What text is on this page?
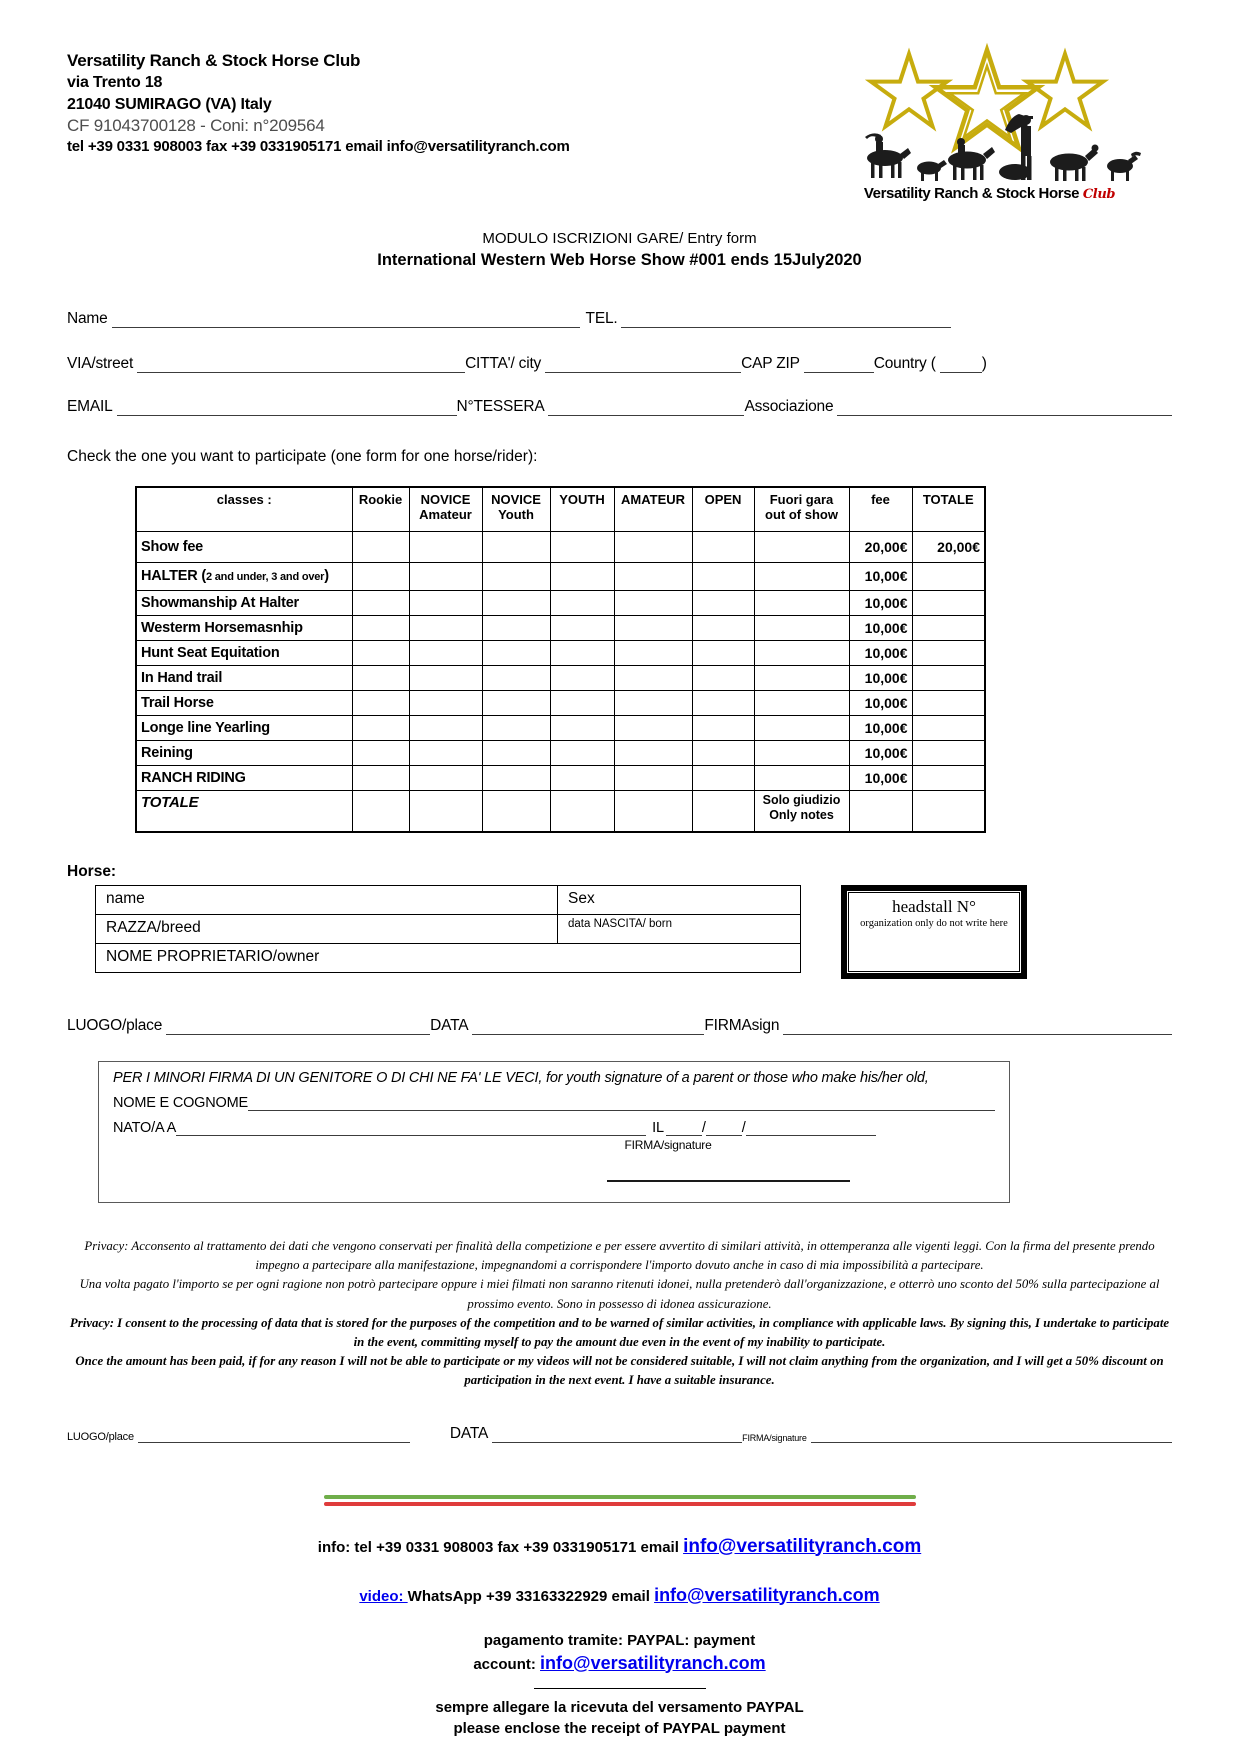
Versatility Ranch & Stock Horse Club
via Trento 18
21040 SUMIRAGO (VA) Italy
CF 91043700128 - Coni: n°209564
tel +39 0331 908003 fax +39 0331905171 email info@versatilityranch.com
Versatility Ranch & Stock Horse Club
MODULO ISCRIZIONI GARE/ Entry form
International Western Web Horse Show #001 ends 15July2020
Name	TEL.
VIA/street	CITTA'/ city	CAP ZIP	Country (	)
EMAIL	N°TESSERA	Associazione
Check the one you want to participate (one form for one horse/rider):
classes :	Rookie	NOVICE Amateur	NOVICE Youth	YOUTH	AMATEUR	OPEN	Fuori gara out of show	fee	TOTALE
Show fee								20,00€	20,00€
HALTER (2 and under, 3 and over)								10,00€	
Showmanship At Halter								10,00€	
Westerm Horsemasnhip								10,00€	
Hunt Seat Equitation								10,00€	
In Hand trail								10,00€	
Trail Horse								10,00€	
Longe line Yearling								10,00€	
Reining								10,00€	
RANCH RIDING								10,00€	
TOTALE							Solo giudizio
Only notes		

Horse:
name	Sex
RAZZA/breed	data NASCITA/ born
NOME PROPRIETARIO/owner	
headstall N°
organization only do not write here
LUOGO/place	DATA	FIRMAsign
PER I MINORI FIRMA DI UN GENITORE O DI CHI NE FA' LE VECI, for youth signature of a parent or those who make his/her old,
NOME E COGNOME
NATO/A A	IL	/ /
FIRMA/signature
Privacy: Acconsento al trattamento dei dati che vengono conservati per finalità della competizione e per essere avvertito di similari attività, in ottemperanza alle vigenti leggi. Con la firma del presente prendo impegno a partecipare alla manifestazione, impegnandomi a corrispondere l'importo dovuto anche in caso di mia impossibilità a partecipare.
Una volta pagato l'importo se per ogni ragione non potrò partecipare oppure i miei filmati non saranno ritenuti idonei, nulla pretenderò dall'organizzazione, e otterrò uno sconto del 50% sulla partecipazione al prossimo evento. Sono in possesso di idonea assicurazione.
Privacy: I consent to the processing of data that is stored for the purposes of the competition and to be warned of similar activities, in compliance with applicable laws. By signing this, I undertake to participate in the event, committing myself to pay the amount due even in the event of my inability to participate.
Once the amount has been paid, if for any reason I will not be able to participate or my videos will not be considered suitable, I will not claim anything from the organization, and I will get a 50% discount on participation in the next event. I have a suitable insurance.
LUOGO/place	DATA	FIRMA/signature
info: tel +39 0331 908003 fax +39 0331905171 email info@versatilityranch.com
video: WhatsApp +39 33163322929 email info@versatilityranch.com
pagamento tramite: PAYPAL: payment
account: info@versatilityranch.com
sempre allegare la ricevuta del versamento PAYPAL
please enclose the receipt of PAYPAL payment
